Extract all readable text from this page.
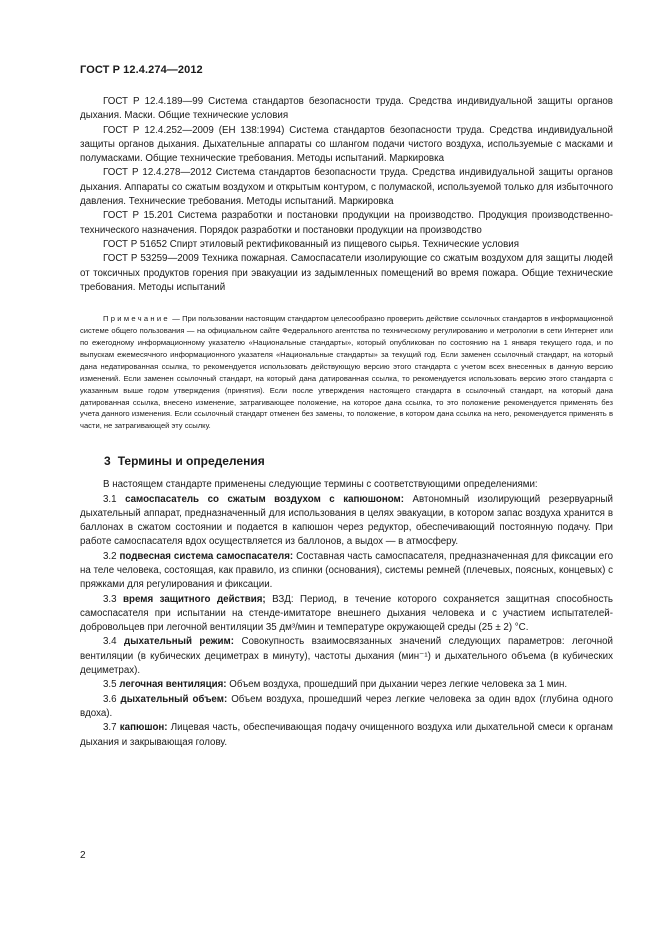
ГОСТ Р 12.4.274—2012

ГОСТ Р 12.4.189—99 Система стандартов безопасности труда. Средства индивидуальной защиты органов дыхания. Маски. Общие технические условия

ГОСТ Р 12.4.252—2009 (ЕН 138:1994) Система стандартов безопасности труда. Средства индивидуальной защиты органов дыхания. Дыхательные аппараты со шлангом подачи чистого воздуха, используемые с масками и полумасками. Общие технические требования. Методы испытаний. Маркировка

ГОСТ Р 12.4.278—2012 Система стандартов безопасности труда. Средства индивидуальной защиты органов дыхания. Аппараты со сжатым воздухом и открытым контуром, с полумаской, используемой только для избыточного давления. Технические требования. Методы испытаний. Маркировка

ГОСТ Р 15.201 Система разработки и постановки продукции на производство. Продукция производственно-технического назначения. Порядок разработки и постановки продукции на производство

ГОСТ Р 51652 Спирт этиловый ректификованный из пищевого сырья. Технические условия

ГОСТ Р 53259—2009 Техника пожарная. Самоспасатели изолирующие со сжатым воздухом для защиты людей от токсичных продуктов горения при эвакуации из задымленных помещений во время пожара. Общие технические требования. Методы испытаний

Примечание — При пользовании настоящим стандартом целесообразно проверить действие ссылочных стандартов в информационной системе общего пользования — на официальном сайте Федерального агентства по техническому регулированию и метрологии в сети Интернет или по ежегодному информационному указателю «Национальные стандарты», который опубликован по состоянию на 1 января текущего года, и по выпускам ежемесячного информационного указателя «Национальные стандарты» за текущий год. Если заменен ссылочный стандарт, на который дана недатированная ссылка, то рекомендуется использовать действующую версию этого стандарта с учетом всех внесенных в данную версию изменений. Если заменен ссылочный стандарт, на который дана датированная ссылка, то рекомендуется использовать версию этого стандарта с указанным выше годом утверждения (принятия). Если после утверждения настоящего стандарта в ссылочный стандарт, на который дана датированная ссылка, внесено изменение, затрагивающее положение, на которое дана ссылка, то это положение рекомендуется применять без учета данного изменения. Если ссылочный стандарт отменен без замены, то положение, в котором дана ссылка на него, рекомендуется применять в части, не затрагивающей эту ссылку.

3 Термины и определения

В настоящем стандарте применены следующие термины с соответствующими определениями:

3.1 самоспасатель со сжатым воздухом с капюшоном: Автономный изолирующий резервуарный дыхательный аппарат, предназначенный для использования в целях эвакуации, в котором запас воздуха хранится в баллонах в сжатом состоянии и подается в капюшон через редуктор, обеспечивающий постоянную подачу. При работе самоспасателя вдох осуществляется из баллонов, а выдох — в атмосферу.

3.2 подвесная система самоспасателя: Составная часть самоспасателя, предназначенная для фиксации его на теле человека, состоящая, как правило, из спинки (основания), системы ремней (плечевых, поясных, концевых) с пряжками для регулирования и фиксации.

3.3 время защитного действия; ВЗД: Период, в течение которого сохраняется защитная способность самоспасателя при испытании на стенде-имитаторе внешнего дыхания человека и с участием испытателей-добровольцев при легочной вентиляции 35 дм³/мин и температуре окружающей среды (25 ± 2) °С.

3.4 дыхательный режим: Совокупность взаимосвязанных значений следующих параметров: легочной вентиляции (в кубических дециметрах в минуту), частоты дыхания (мин⁻¹) и дыхательного объема (в кубических дециметрах).

3.5 легочная вентиляция: Объем воздуха, прошедший при дыхании через легкие человека за 1 мин.

3.6 дыхательный объем: Объем воздуха, прошедший через легкие человека за один вдох (глубина одного вдоха).

3.7 капюшон: Лицевая часть, обеспечивающая подачу очищенного воздуха или дыхательной смеси к органам дыхания и закрывающая голову.

2
